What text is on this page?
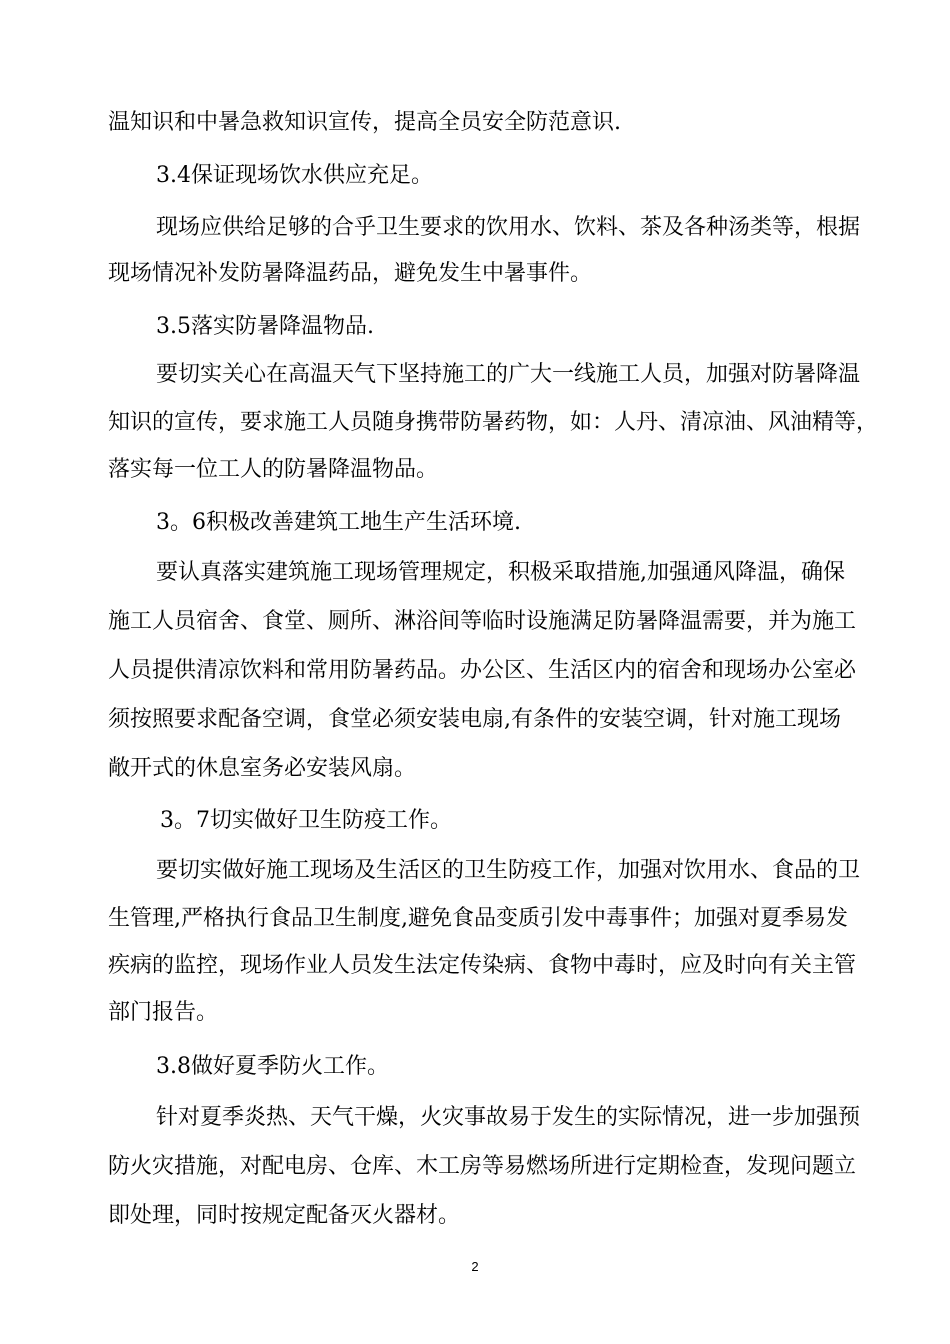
温知识和中暑急救知识宣传，提高全员安全防范意识.
3.4保证现场饮水供应充足。
现场应供给足够的合乎卫生要求的饮用水、饮料、茶及各种汤类等，根据
现场情况补发防暑降温药品，避免发生中暑事件。
3.5落实防暑降温物品.
要切实关心在高温天气下坚持施工的广大一线施工人员，加强对防暑降温
知识的宣传，要求施工人员随身携带防暑药物，如：人丹、清凉油、风油精等，
落实每一位工人的防暑降温物品。
3。6积极改善建筑工地生产生活环境.
要认真落实建筑施工现场管理规定，积极采取措施,加强通风降温，确保
施工人员宿舍、食堂、厕所、淋浴间等临时设施满足防暑降温需要，并为施工
人员提供清凉饮料和常用防暑药品。办公区、生活区内的宿舍和现场办公室必
须按照要求配备空调，食堂必须安装电扇,有条件的安装空调，针对施工现场
敞开式的休息室务必安装风扇。
3。7切实做好卫生防疫工作。
要切实做好施工现场及生活区的卫生防疫工作，加强对饮用水、食品的卫
生管理,严格执行食品卫生制度,避免食品变质引发中毒事件；加强对夏季易发
疾病的监控，现场作业人员发生法定传染病、食物中毒时，应及时向有关主管
部门报告。
3.8做好夏季防火工作。
针对夏季炎热、天气干燥，火灾事故易于发生的实际情况，进一步加强预
防火灾措施，对配电房、仓库、木工房等易燃场所进行定期检查，发现问题立
即处理，同时按规定配备灭火器材。
2
